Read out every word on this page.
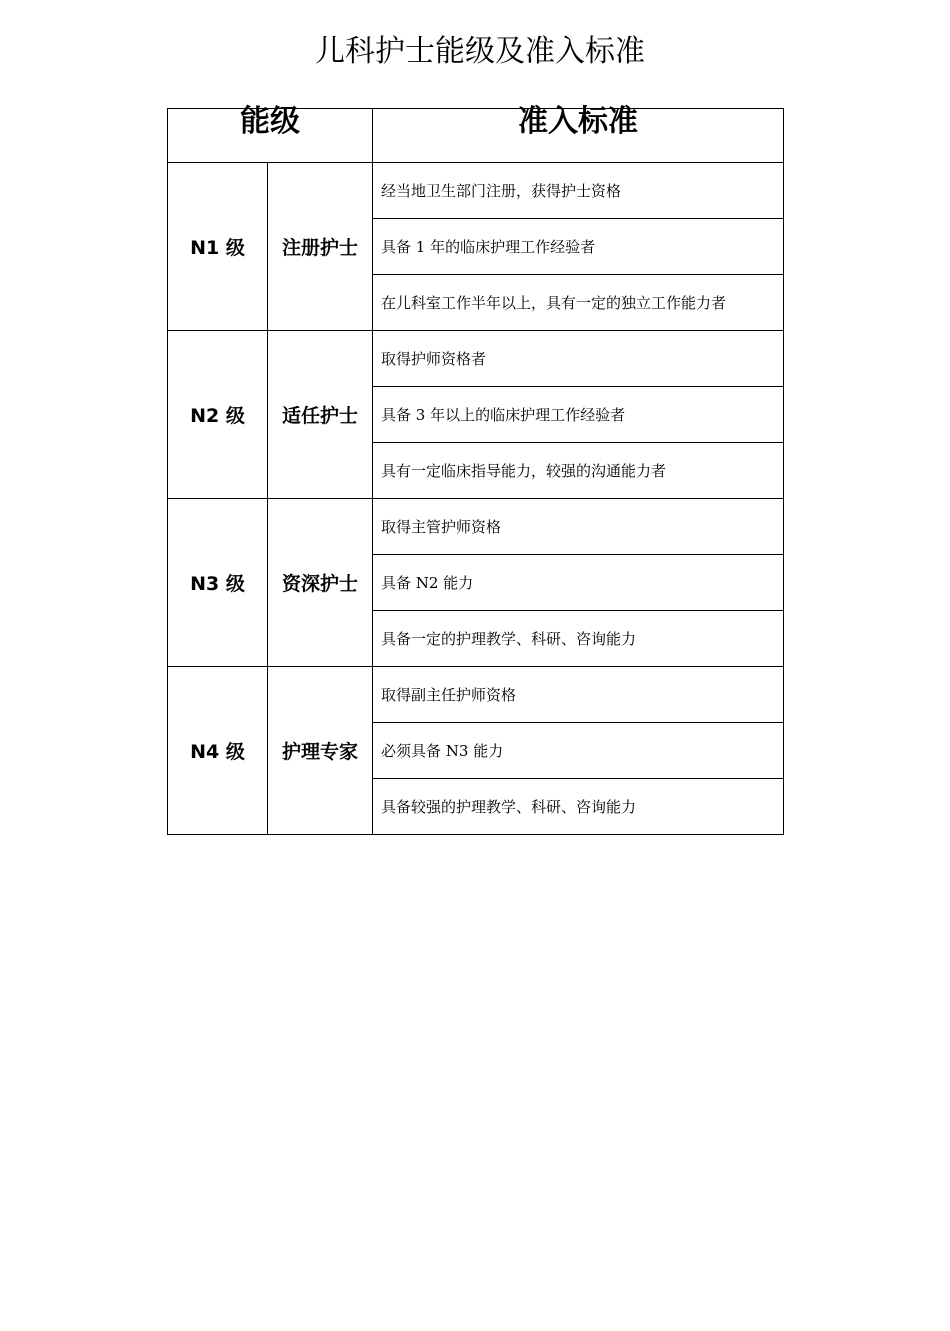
儿科护士能级及准入标准
能级		准入标准
N1 级	注册护士	经当地卫生部门注册，获得护士资格
		具备 1 年的临床护理工作经验者
		在儿科室工作半年以上，具有一定的独立工作能力者
N2 级	适任护士	取得护师资格者
		具备 3 年以上的临床护理工作经验者
		具有一定临床指导能力，较强的沟通能力者
N3 级	资深护士	取得主管护师资格
		具备 N2 能力
		具备一定的护理教学、科研、咨询能力
N4 级	护理专家	取得副主任护师资格
		必须具备 N3 能力
		具备较强的护理教学、科研、咨询能力
